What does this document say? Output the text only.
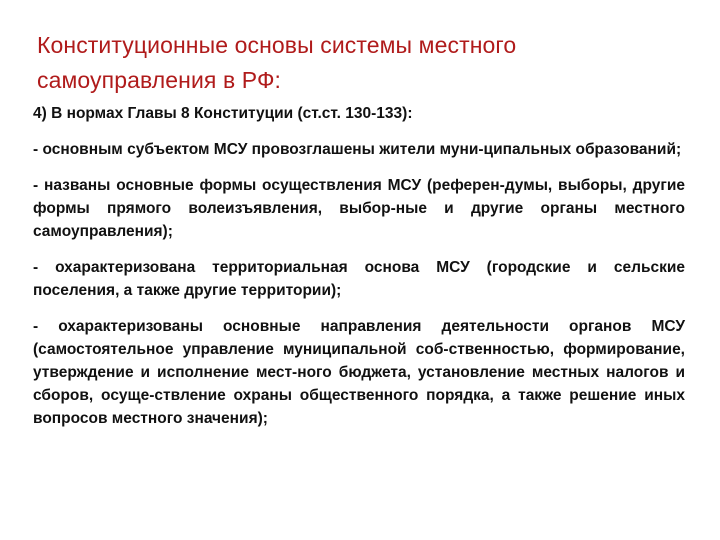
Конституционные основы системы местного самоуправления в РФ:

4) В нормах Главы 8 Конституции (ст.ст. 130-133):

- основным субъектом МСУ провозглашены жители муни-ципальных образований;

- названы основные формы осуществления МСУ (референ-думы, выборы, другие формы прямого волеизъявления, выбор-ные и другие органы местного самоуправления);

- охарактеризована территориальная основа МСУ (городские и сельские поселения, а также другие территории);

- охарактеризованы основные направления деятельности органов МСУ (самостоятельное управление муниципальной соб-ственностью, формирование, утверждение и исполнение мест-ного бюджета, установление местных налогов и сборов, осуще-ствление охраны общественного порядка, а также решение иных вопросов местного значения);
